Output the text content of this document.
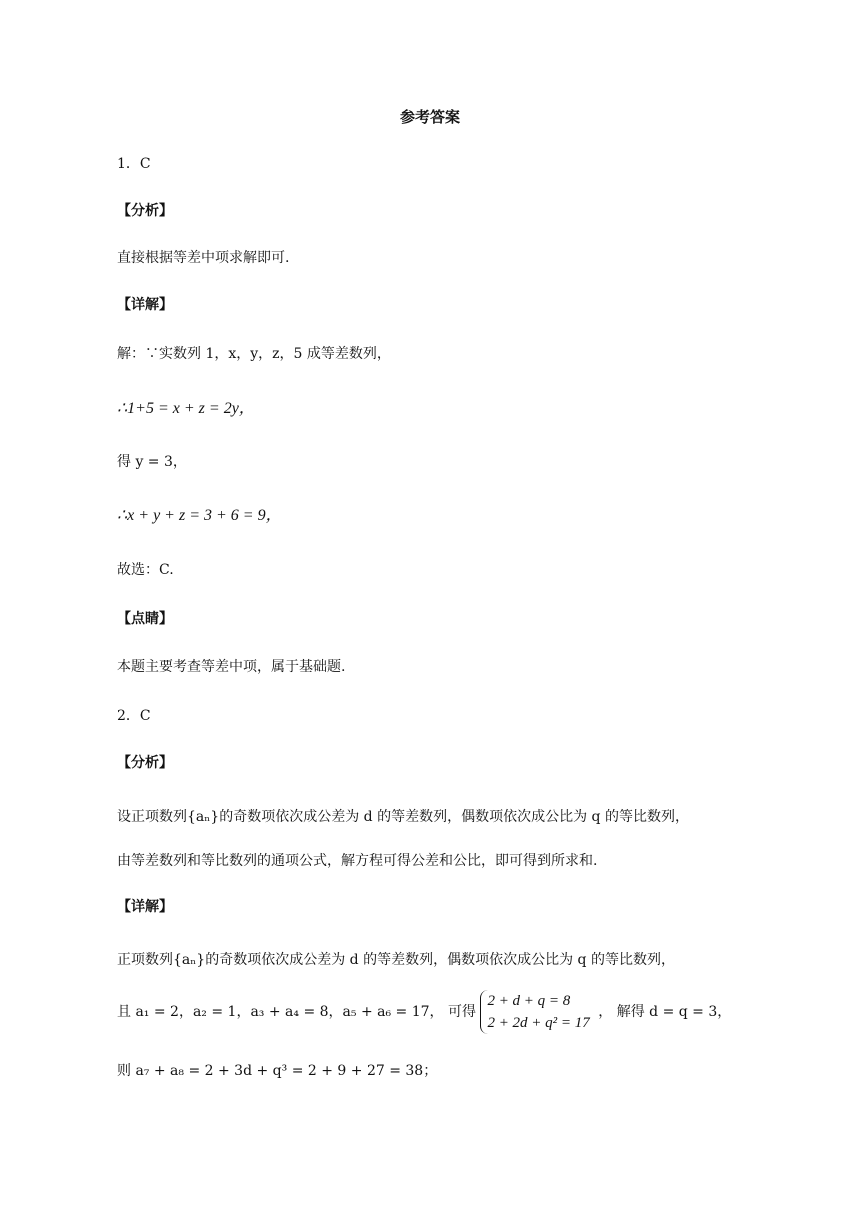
参考答案
1．C
【分析】
直接根据等差中项求解即可.
【详解】
解：∵实数列 1，x，y，z，5 成等差数列，
∴1+5 = x + z = 2y，
得 y = 3，
∴x + y + z = 3 + 6 = 9，
故选：C.
【点睛】
本题主要考查等差中项，属于基础题.
2．C
【分析】
设正项数列{aₙ}的奇数项依次成公差为 d 的等差数列，偶数项依次成公比为 q 的等比数列，
由等差数列和等比数列的通项公式，解方程可得公差和公比，即可得到所求和.
【详解】
正项数列{aₙ}的奇数项依次成公差为 d 的等差数列，偶数项依次成公比为 q 的等比数列，
且 a₁ = 2，a₂ = 1，a₃ + a₄ = 8，a₅ + a₆ = 17， 可得
2 + d + q = 8
2 + 2d + q² = 17
， 解得 d = q = 3，
则 a₇ + a₈ = 2 + 3d + q³ = 2 + 9 + 27 = 38；
